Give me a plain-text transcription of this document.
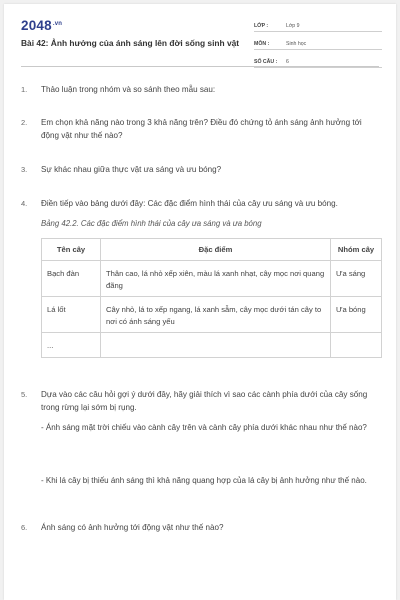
$2048^{.vn}$
Bài 42: Ảnh hưởng của ánh sáng lên đời sống sinh vật
LỚP :	Lớp 9
MÔN :	Sinh học
SỐ CÂU :	6
1.	Thảo luận trong nhóm và so sánh theo mẫu sau:
2.	Em chọn khả năng nào trong 3 khả năng trên? Điều đó chứng tỏ ánh sáng ảnh hưởng tới động vật như thế nào?
3.	Sự khác nhau giữa thực vật ưa sáng và ưu bóng?
4.	Điền tiếp vào bảng dưới đây: Các đặc điểm hình thái của cây ưu sáng và ưu bóng.
Bảng 42.2. Các đặc điểm hình thái của cây ưa sáng và ưa bóng
Tên cây	Đặc điểm	Nhóm cây
Bạch đàn	Thân cao, lá nhỏ xếp xiên, màu lá xanh nhạt, cây mọc nơi quang đãng	Ưa sáng
Lá lốt	Cây nhỏ, lá to xếp ngang, lá xanh sẫm, cây mọc dưới tán cây to nơi có ánh sáng yếu	Ưa bóng
...		
5.	Dựa vào các câu hỏi gợi ý dưới đây, hãy giải thích vì sao các cành phía dưới của cây sống trong rừng lại sớm bị rụng.
- Ánh sáng mặt trời chiếu vào cành cây trên và cành cây phía dưới khác nhau như thế nào?
- Khi lá cây bị thiếu ánh sáng thì khả năng quang hợp của lá cây bị ảnh hưởng như thế nào.
6.	Ánh sáng có ảnh hưởng tới động vật như thế nào?
